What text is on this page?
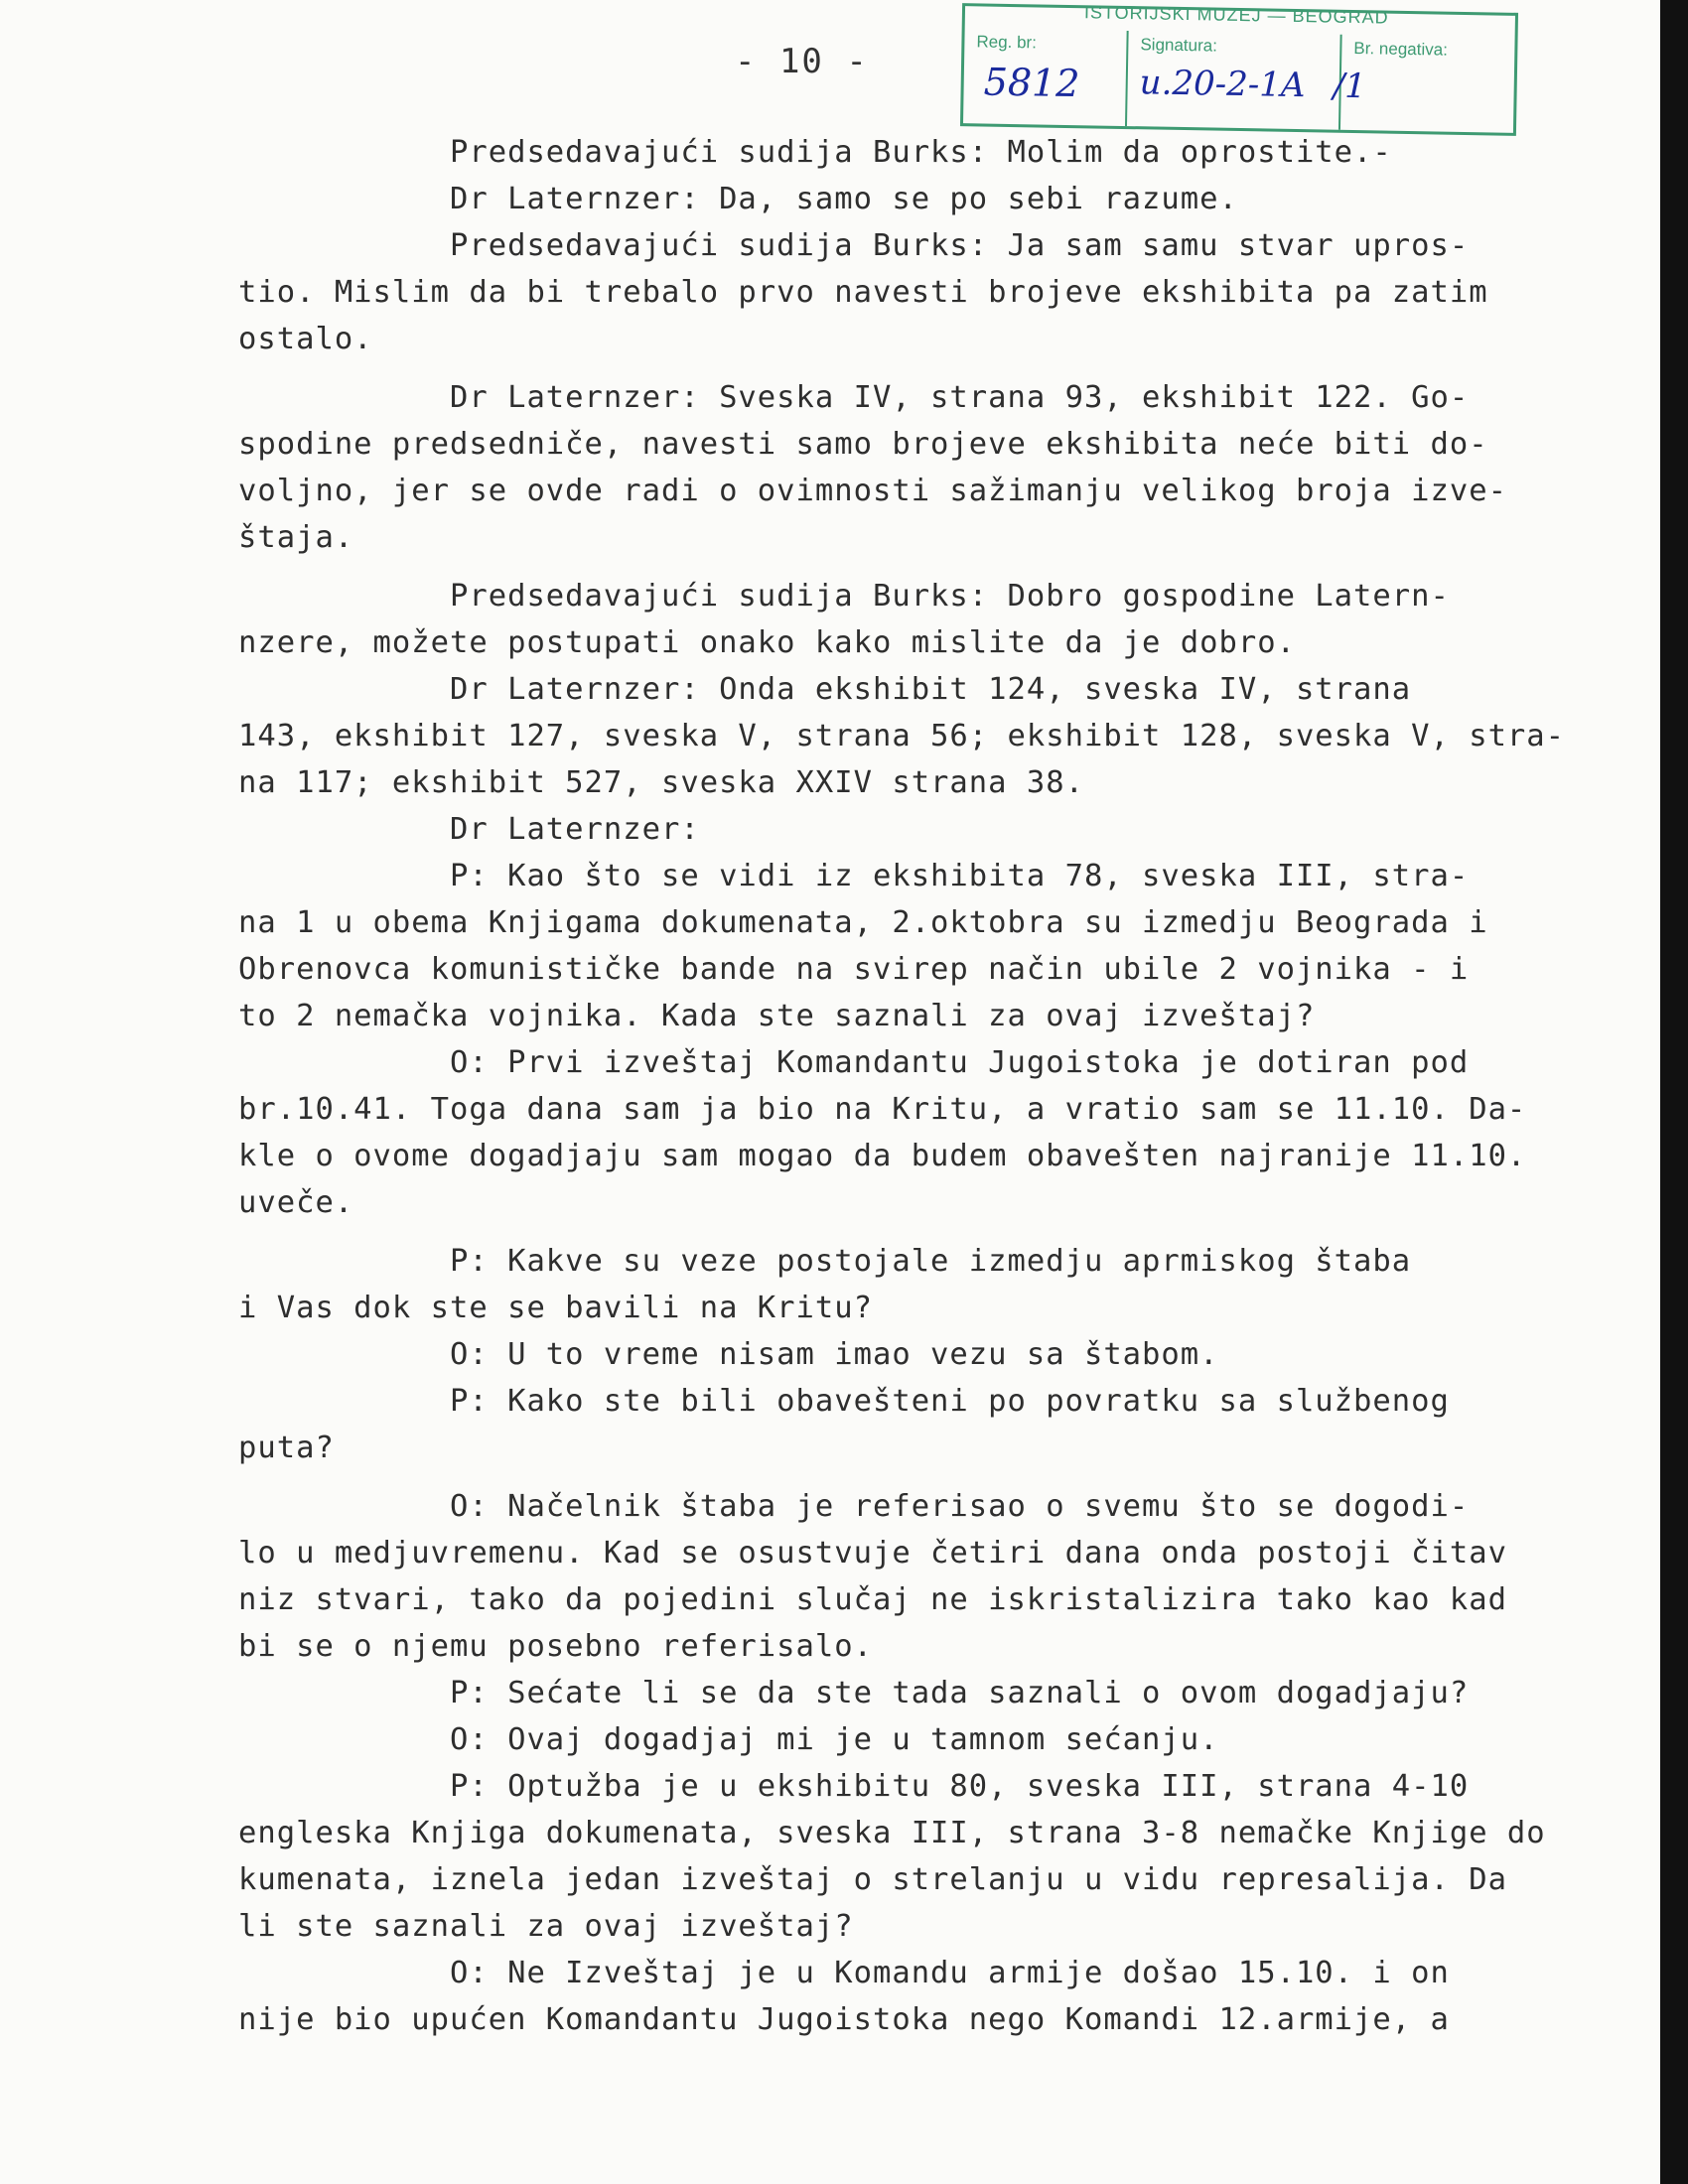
- 10 -
ISTORIJSKI MUZEJ — BEOGRAD
Reg. br:
5812
Signatura:
u.20-2-1A
Br. negativa:
/1
Predsedavajući sudija Burks: Molim da oprostite.-
Dr Laternzer: Da, samo se po sebi razume.
Predsedavajući sudija Burks: Ja sam samu stvar upros-
tio. Mislim da bi trebalo prvo navesti brojeve ekshibita pa zatim
ostalo.
Dr Laternzer: Sveska IV, strana 93, ekshibit 122. Go-
spodine predsedniče, navesti samo brojeve ekshibita neće biti do-
voljno, jer se ovde radi o ovimnosti sažimanju velikog broja izve-
štaja.
Predsedavajući sudija Burks: Dobro gospodine Latern-
nzere, možete postupati onako kako mislite da je dobro.
Dr Laternzer: Onda ekshibit 124, sveska IV, strana
143, ekshibit 127, sveska V, strana 56; ekshibit 128, sveska V, stra-
na 117; ekshibit 527, sveska XXIV strana 38.
Dr Laternzer:
P: Kao što se vidi iz ekshibita 78, sveska III, stra-
na 1 u obema Knjigama dokumenata, 2.oktobra su izmedju Beograda i
Obrenovca komunističke bande na svirep način ubile 2 vojnika - i
to 2 nemačka vojnika. Kada ste saznali za ovaj izveštaj?
O: Prvi izveštaj Komandantu Jugoistoka je dotiran pod
br.10.41. Toga dana sam ja bio na Kritu, a vratio sam se 11.10. Da-
kle o ovome dogadjaju sam mogao da budem obavešten najranije 11.10.
uveče.
P: Kakve su veze postojale izmedju aprmiskog štaba
i Vas dok ste se bavili na Kritu?
O: U to vreme nisam imao vezu sa štabom.
P: Kako ste bili obavešteni po povratku sa službenog
puta?
O: Načelnik štaba je referisao o svemu što se dogodi-
lo u medjuvremenu. Kad se osustvuje četiri dana onda postoji čitav
niz stvari, tako da pojedini slučaj ne iskristalizira tako kao kad
bi se o njemu posebno referisalo.
P: Sećate li se da ste tada saznali o ovom dogadjaju?
O: Ovaj dogadjaj mi je u tamnom sećanju.
P: Optužba je u ekshibitu 80, sveska III, strana 4-10
engleska Knjiga dokumenata, sveska III, strana 3-8 nemačke Knjige do
kumenata, iznela jedan izveštaj o strelanju u vidu represalija. Da
li ste saznali za ovaj izveštaj?
O: Ne Izveštaj je u Komandu armije došao 15.10. i on
nije bio upućen Komandantu Jugoistoka nego Komandi 12.armije, a
